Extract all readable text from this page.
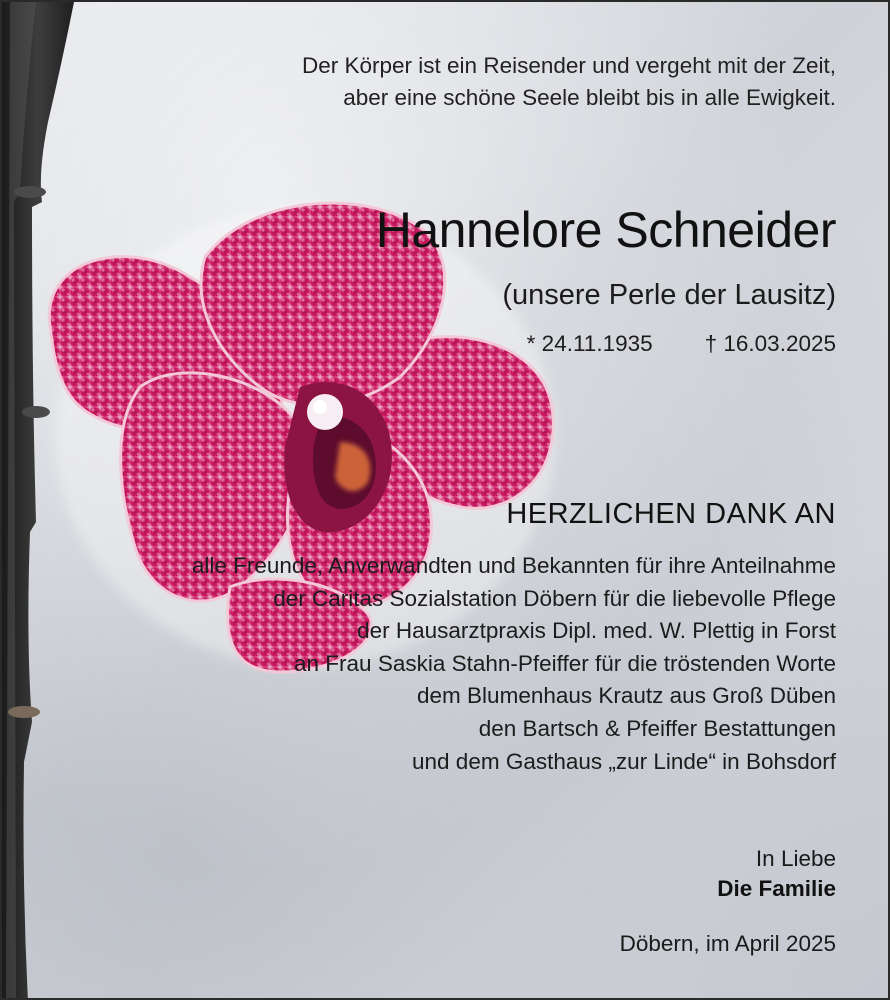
Der Körper ist ein Reisender und vergeht mit der Zeit,
aber eine schöne Seele bleibt bis in alle Ewigkeit.
Hannelore Schneider
(unsere Perle der Lausitz)
* 24.11.1935 † 16.03.2025
HERZLICHEN DANK AN
alle Freunde, Anverwandten und Bekannten für ihre Anteilnahme
der Caritas Sozialstation Döbern für die liebevolle Pflege
der Hausarztpraxis Dipl. med. W. Plettig in Forst
an Frau Saskia Stahn-Pfeiffer für die tröstenden Worte
dem Blumenhaus Krautz aus Groß Düben
den Bartsch & Pfeiffer Bestattungen
und dem Gasthaus „zur Linde“ in Bohsdorf
In Liebe
Die Familie
Döbern, im April 2025
